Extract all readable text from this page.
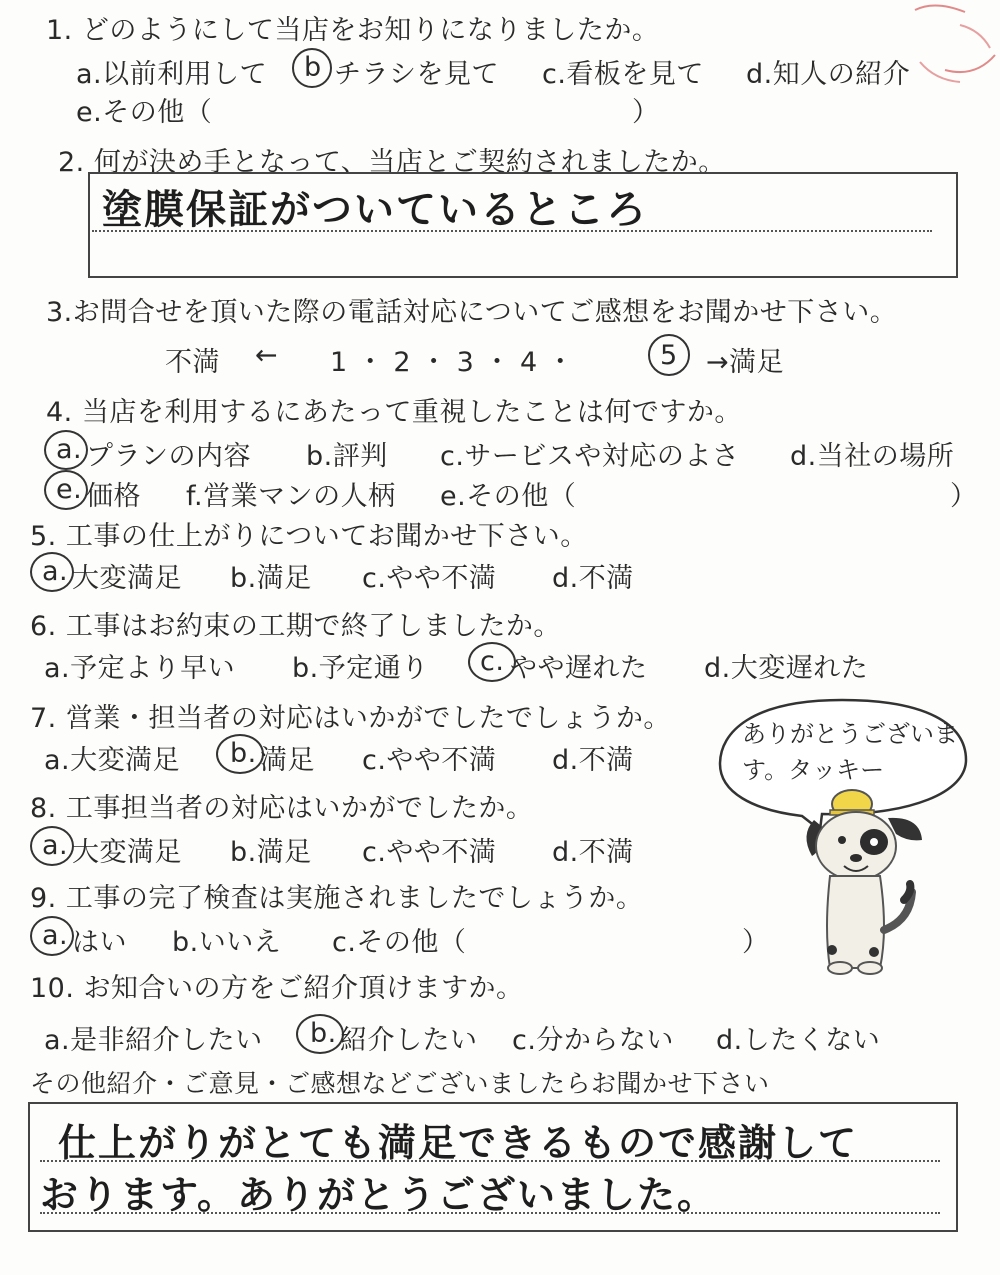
1. どのようにして当店をお知りになりましたか。
a.以前利用して b チラシを見て c.看板を見て d.知人の紹介
e.その他（	）
2. 何が決め手となって、当店とご契約されましたか。
塗膜保証がついているところ
3.お問合せを頂いた際の電話対応についてご感想をお聞かせ下さい。
不満 ← 1 ・ 2 ・ 3 ・ 4 ・	5 →満足
4. 当店を利用するにあたって重視したことは何ですか。
a. プランの内容 b.評判 c.サービスや対応のよさ d.当社の場所
e. 価格 f.営業マンの人柄 e.その他（	）
5. 工事の仕上がりについてお聞かせ下さい。
a. 大変満足 b.満足 c.やや不満 d.不満
6. 工事はお約束の工期で終了しましたか。
a.予定より早い b.予定通り c. やや遅れた d.大変遅れた
7. 営業・担当者の対応はいかがでしたでしょうか。
a.大変満足 b. 満足 c.やや不満 d.不満
8. 工事担当者の対応はいかがでしたか。
a. 大変満足 b.満足 c.やや不満 d.不満
9. 工事の完了検査は実施されましたでしょうか。
a. はい b.いいえ c.その他（	）
10. お知合いの方をご紹介頂けますか。
a.是非紹介したい b. 紹介したい c.分からない d.したくない
その他紹介・ご意見・ご感想などございましたらお聞かせ下さい
仕上がりがとても満足できるもので感謝して
おります。ありがとうございました。
ありがとうございます。タッキー
